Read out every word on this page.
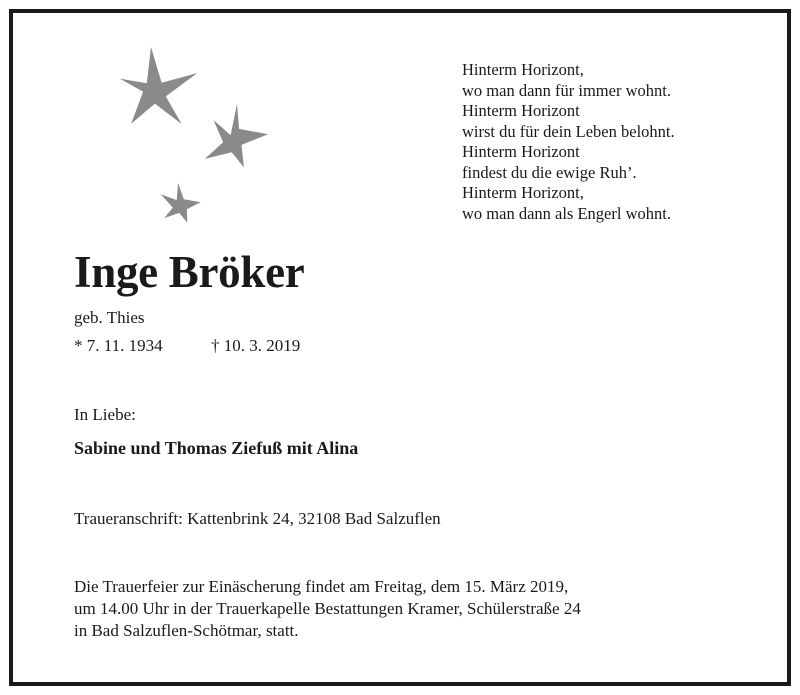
Hinterm Horizont,
wo man dann für immer wohnt.
Hinterm Horizont
wirst du für dein Leben belohnt.
Hinterm Horizont
findest du die ewige Ruh’.
Hinterm Horizont,
wo man dann als Engerl wohnt.
Inge Bröker
geb. Thies
* 7. 11. 1934	† 10. 3. 2019
In Liebe:
Sabine und Thomas Ziefuß mit Alina
Traueranschrift: Kattenbrink 24, 32108 Bad Salzuflen
Die Trauerfeier zur Einäscherung findet am Freitag, dem 15. März 2019,
um 14.00 Uhr in der Trauerkapelle Bestattungen Kramer, Schülerstraße 24
in Bad Salzuflen-Schötmar, statt.
